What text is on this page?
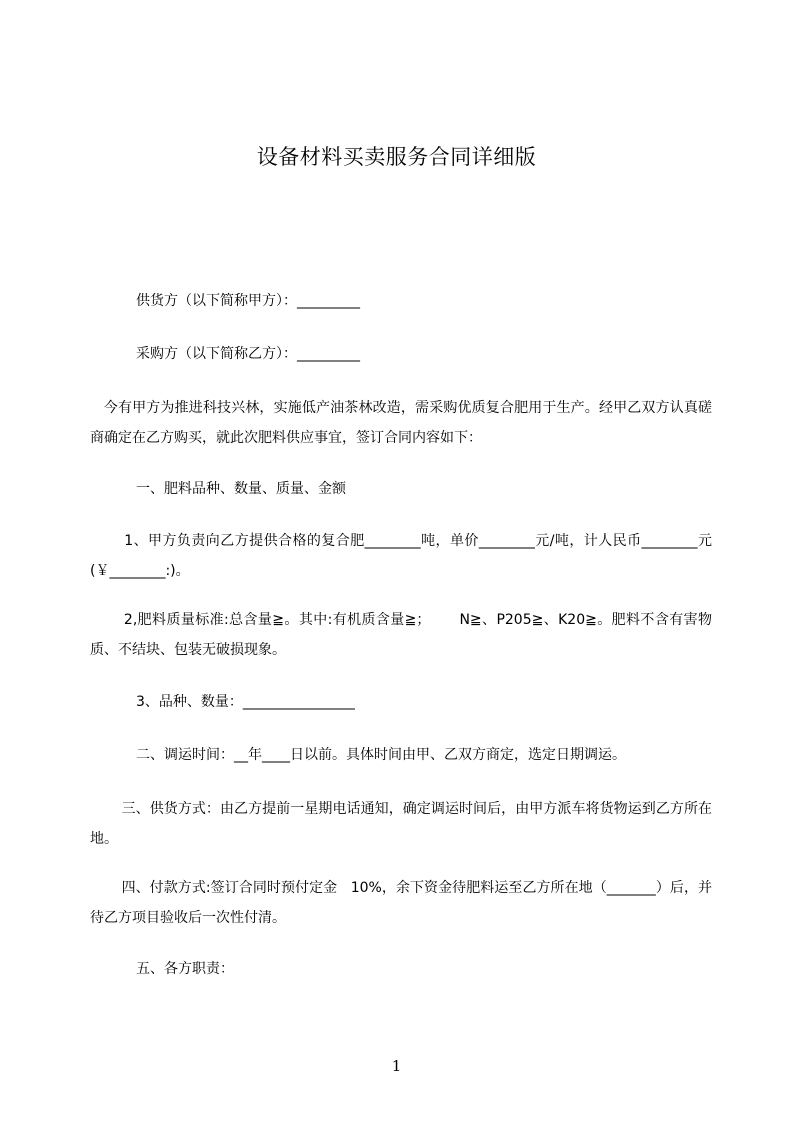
设备材料买卖服务合同详细版

供货方（以下简称甲方）：_________

采购方（以下简称乙方）：_________

今有甲方为推进科技兴林，实施低产油茶林改造，需采购优质复合肥用于生产。经甲乙双方认真磋商确定在乙方购买，就此次肥料供应事宜，签订合同内容如下：

一、肥料品种、数量、质量、金额

1、甲方负责向乙方提供合格的复合肥________吨，单价________元/吨，计人民币________元 (￥________:)。

2,肥料质量标准:总含量≧。其中:有机质含量≧；      N≧、P205≧、K20≧。肥料不含有害物质、不结块、包装无破损现象。

3、品种、数量：________________

二、调运时间：__年____日以前。具体时间由甲、乙双方商定，选定日期调运。

三、供货方式：由乙方提前一星期电话通知，确定调运时间后，由甲方派车将货物运到乙方所在地。

四、付款方式:签订合同时预付定金   10%，余下资金待肥料运至乙方所在地（_______）后，并待乙方项目验收后一次性付清。

五、各方职责：

1
